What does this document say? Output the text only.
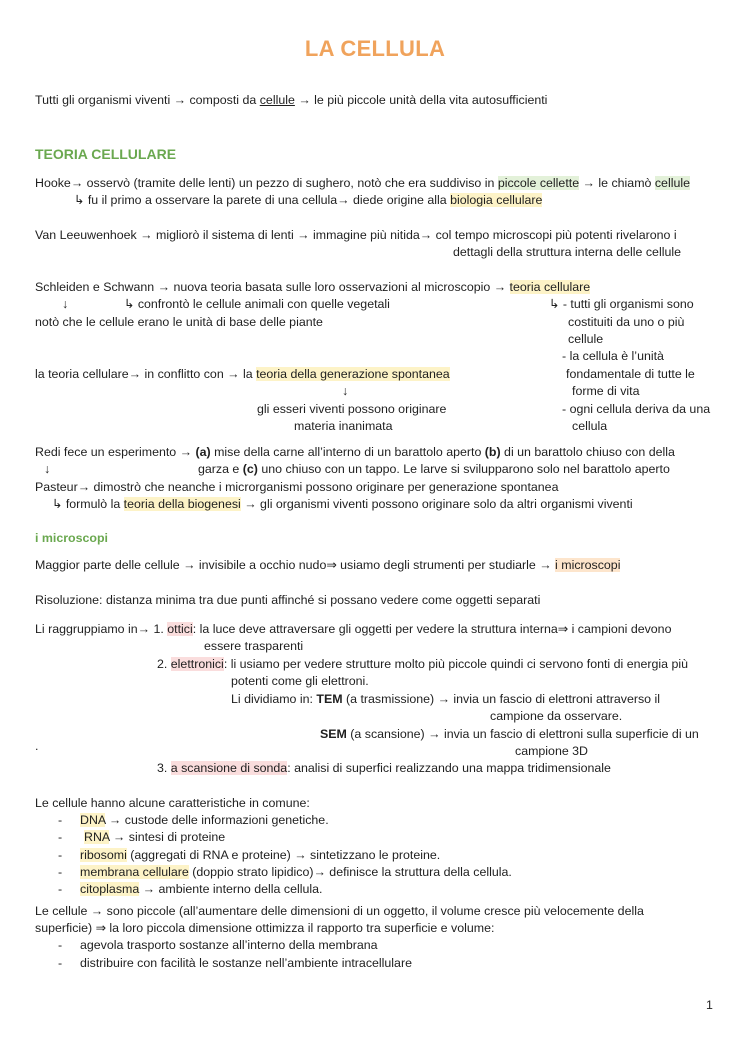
LA CELLULA
Tutti gli organismi viventi → composti da cellule → le più piccole unità della vita autosufficienti
TEORIA CELLULARE
Hooke→ osservò (tramite delle lenti) un pezzo di sughero, notò che era suddiviso in piccole cellette → le chiamò cellule
↳ fu il primo a osservare la parete di una cellula→ diede origine alla biologia cellulare
Van Leeuwenhoek → migliorò il sistema di lenti → immagine più nitida→ col tempo microscopi più potenti rivelarono i
dettagli della struttura interna delle cellule
Schleiden e Schwann → nuova teoria basata sulle loro osservazioni al microscopio → teoria cellulare
↓	↳ confrontò le cellule animali con quelle vegetali
notò che le cellule erano le unità di base delle piante
↳ - tutti gli organismi sono
costituiti da uno o più
cellule
- la cellula è l’unità
fondamentale di tutte le
forme di vita
- ogni cellula deriva da una
cellula
la teoria cellulare→ in conflitto con → la teoria della generazione spontanea
↓
gli esseri viventi possono originare
materia inanimata
Redi fece un esperimento → (a) mise della carne all’interno di un barattolo aperto (b) di un barattolo chiuso con della
↓	garza e (c) uno chiuso con un tappo. Le larve si svilupparono solo nel barattolo aperto
Pasteur→ dimostrò che neanche i microrganismi possono originare per generazione spontanea
↳ formulò la teoria della biogenesi → gli organismi viventi possono originare solo da altri organismi viventi
i microscopi
Maggior parte delle cellule → invisibile a occhio nudo⇒ usiamo degli strumenti per studiarle → i microscopi
Risoluzione: distanza minima tra due punti affinché si possano vedere come oggetti separati
Li raggruppiamo in→ 1. ottici: la luce deve attraversare gli oggetti per vedere la struttura interna⇒ i campioni devono
essere trasparenti
2. elettronici: li usiamo per vedere strutture molto più piccole quindi ci servono fonti di energia più
potenti come gli elettroni.
Li dividiamo in: TEM (a trasmissione) → invia un fascio di elettroni attraverso il
campione da osservare.
SEM (a scansione) → invia un fascio di elettroni sulla superficie di un
.	campione 3D
3. a scansione di sonda: analisi di superfici realizzando una mappa tridimensionale
Le cellule hanno alcune caratteristiche in comune:
- DNA → custode delle informazioni genetiche.
- RNA → sintesi di proteine
- ribosomi (aggregati di RNA e proteine) → sintetizzano le proteine.
- membrana cellulare (doppio strato lipidico)→ definisce la struttura della cellula.
- citoplasma → ambiente interno della cellula.
Le cellule → sono piccole (all’aumentare delle dimensioni di un oggetto, il volume cresce più velocemente della
superficie) ⇒ la loro piccola dimensione ottimizza il rapporto tra superficie e volume:
- agevola trasporto sostanze all’interno della membrana
- distribuire con facilità le sostanze nell’ambiente intracellulare
1
